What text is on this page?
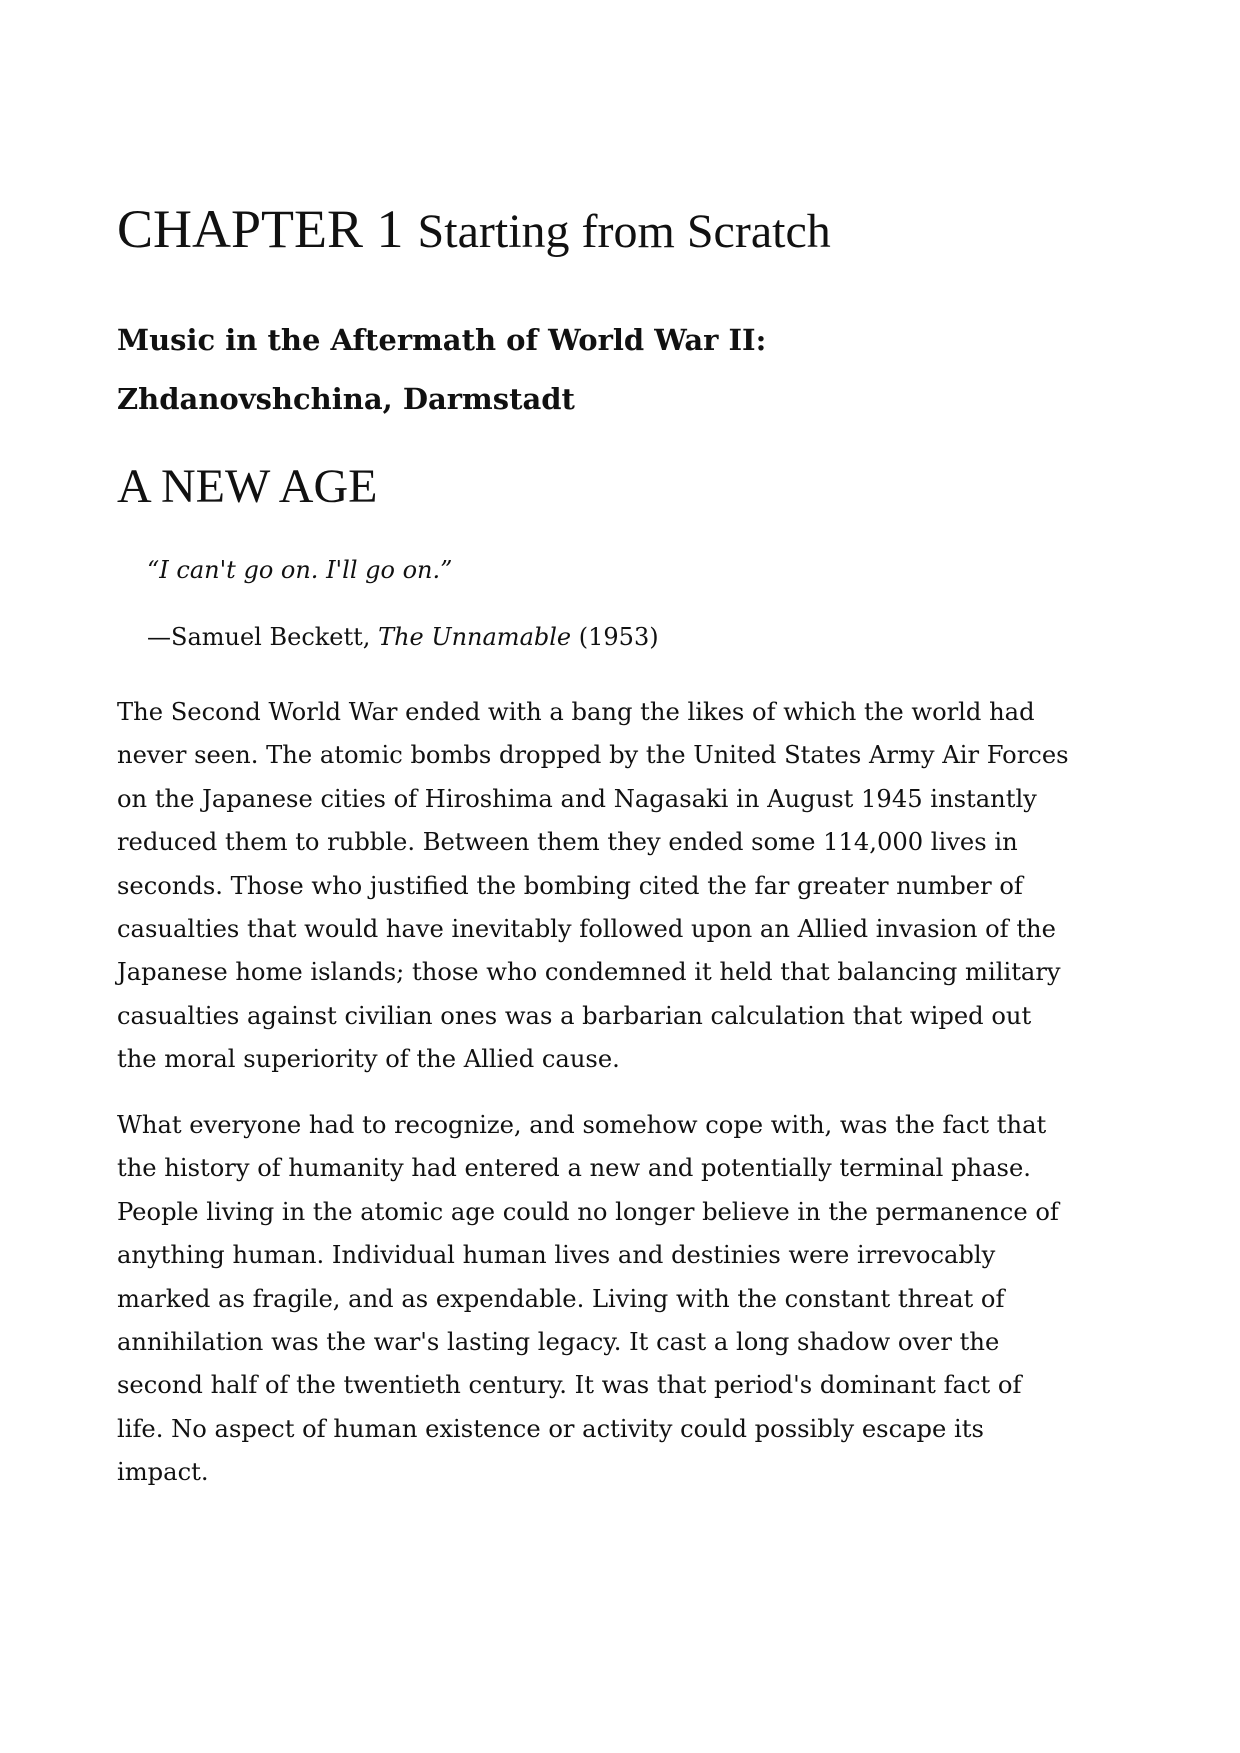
CHAPTER 1 Starting from Scratch
Music in the Aftermath of World War II:
Zhdanovshchina, Darmstadt
A NEW AGE

“I can't go on. I'll go on.”

—Samuel Beckett, The Unnamable (1953)

The Second World War ended with a bang the likes of which the world had
never seen. The atomic bombs dropped by the United States Army Air Forces
on the Japanese cities of Hiroshima and Nagasaki in August 1945 instantly
reduced them to rubble. Between them they ended some 114,000 lives in
seconds. Those who justified the bombing cited the far greater number of
casualties that would have inevitably followed upon an Allied invasion of the
Japanese home islands; those who condemned it held that balancing military
casualties against civilian ones was a barbarian calculation that wiped out
the moral superiority of the Allied cause.

What everyone had to recognize, and somehow cope with, was the fact that
the history of humanity had entered a new and potentially terminal phase.
People living in the atomic age could no longer believe in the permanence of
anything human. Individual human lives and destinies were irrevocably
marked as fragile, and as expendable. Living with the constant threat of
annihilation was the war's lasting legacy. It cast a long shadow over the
second half of the twentieth century. It was that period's dominant fact of
life. No aspect of human existence or activity could possibly escape its
impact.
